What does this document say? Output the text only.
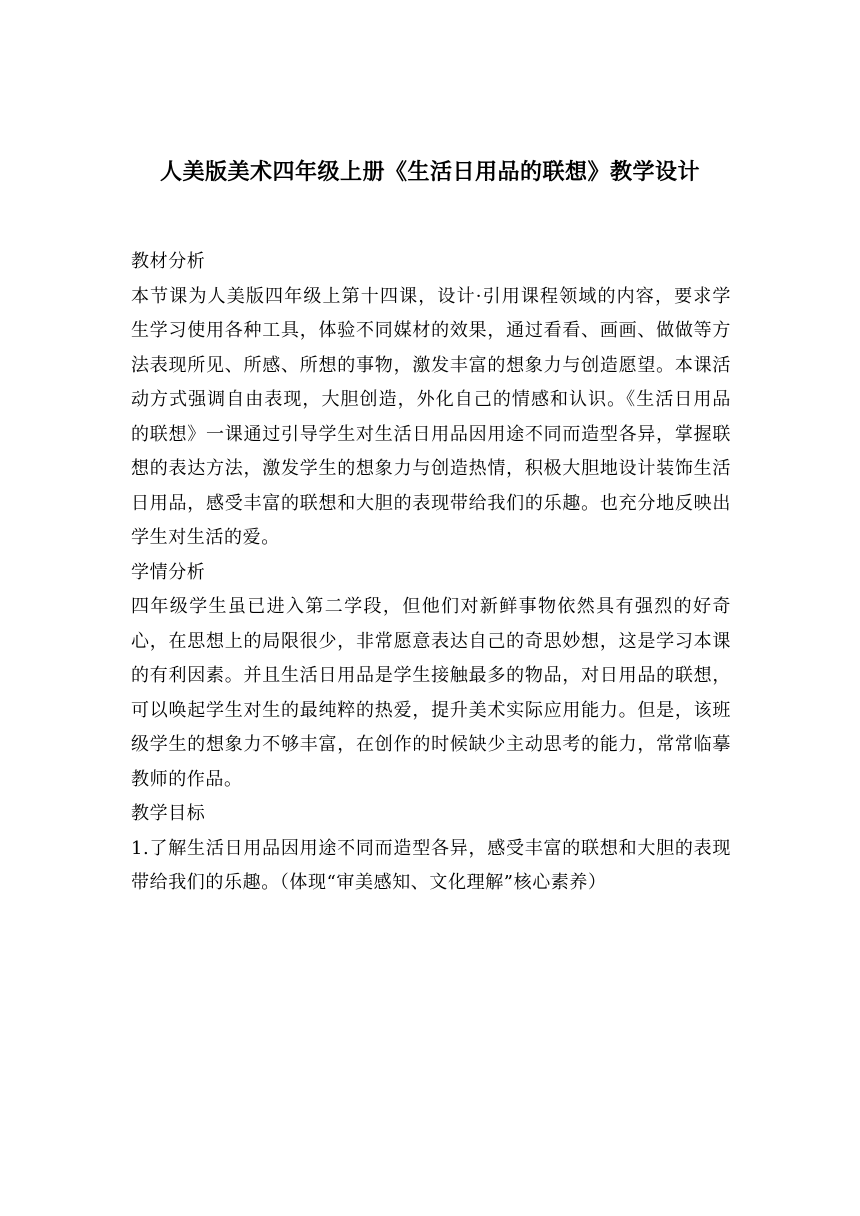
人美版美术四年级上册《生活日用品的联想》教学设计
教材分析

本节课为人美版四年级上第十四课，设计·引用课程领域的内容，要求学生学习使用各种工具，体验不同媒材的效果，通过看看、画画、做做等方法表现所见、所感、所想的事物，激发丰富的想象力与创造愿望。本课活动方式强调自由表现，大胆创造，外化自己的情感和认识。《生活日用品的联想》一课通过引导学生对生活日用品因用途不同而造型各异，掌握联想的表达方法，激发学生的想象力与创造热情，积极大胆地设计装饰生活日用品，感受丰富的联想和大胆的表现带给我们的乐趣。也充分地反映出学生对生活的爱。

学情分析

四年级学生虽已进入第二学段，但他们对新鲜事物依然具有强烈的好奇心，在思想上的局限很少，非常愿意表达自己的奇思妙想，这是学习本课的有利因素。并且生活日用品是学生接触最多的物品，对日用品的联想，可以唤起学生对生的最纯粹的热爱，提升美术实际应用能力。但是，该班级学生的想象力不够丰富，在创作的时候缺少主动思考的能力，常常临摹教师的作品。

教学目标

1.了解生活日用品因用途不同而造型各异，感受丰富的联想和大胆的表现带给我们的乐趣。（体现“审美感知、文化理解”核心素养）
